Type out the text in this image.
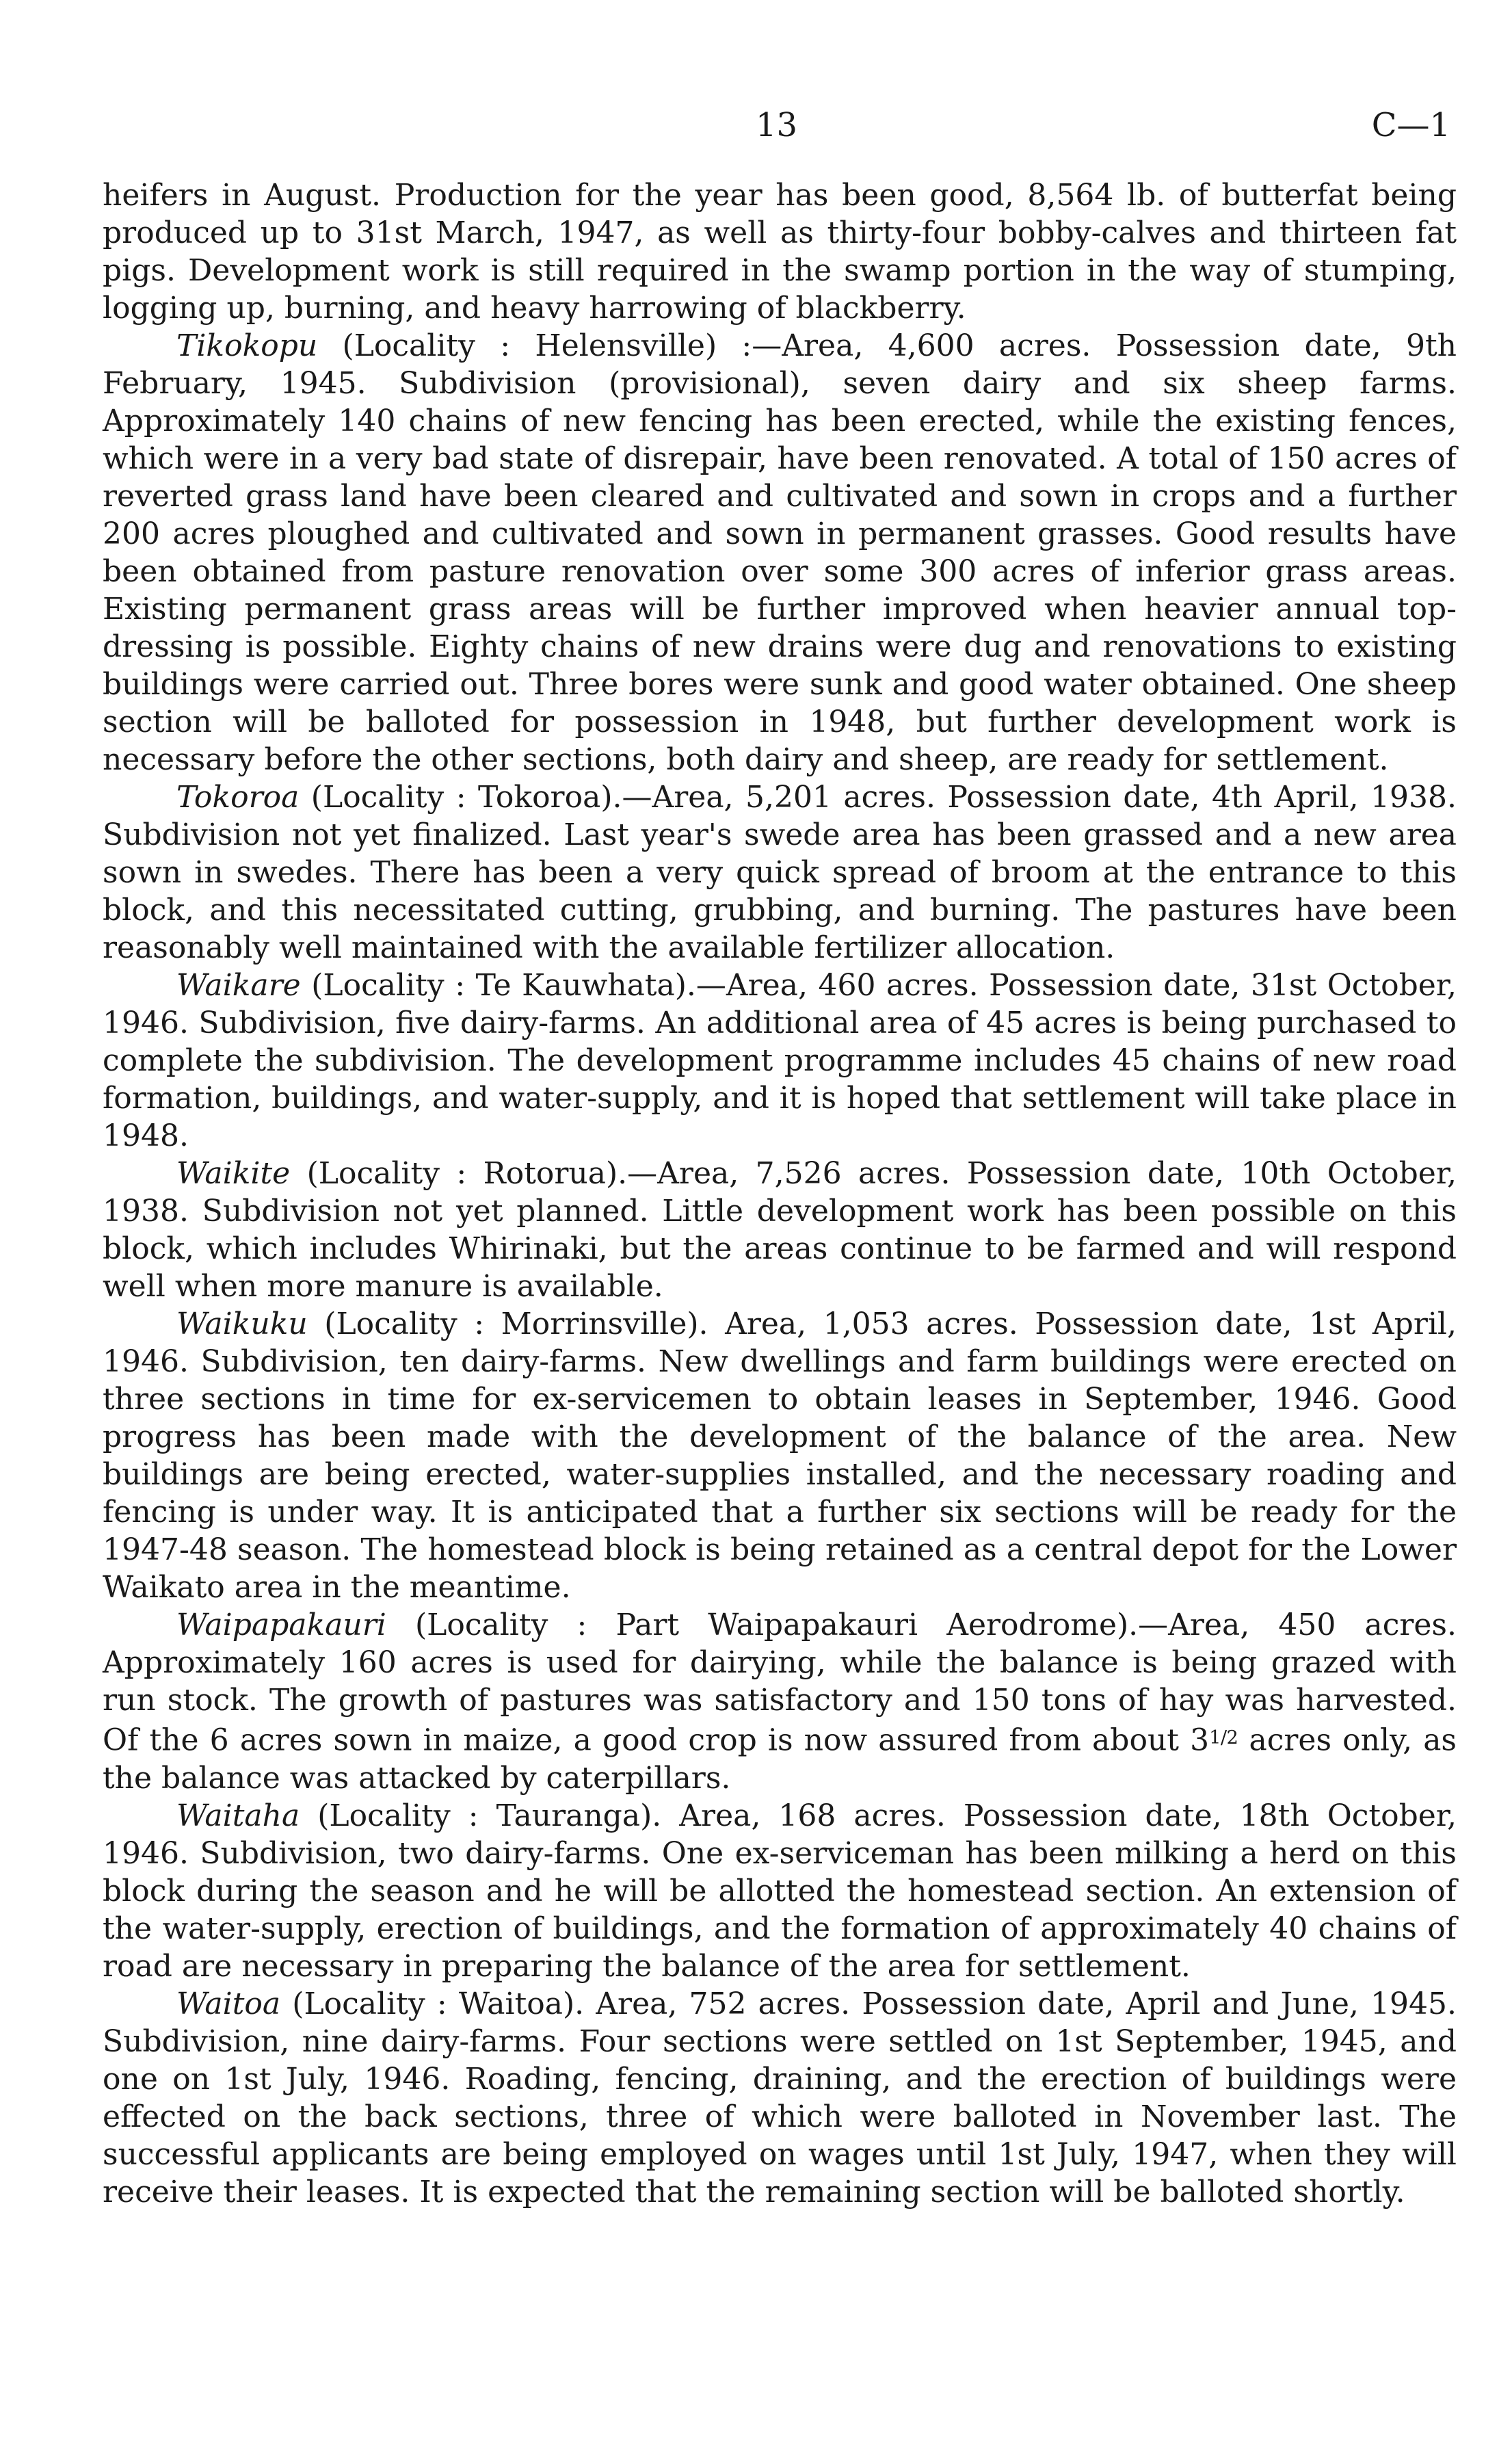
13	C—1

heifers in August. Production for the year has been good, 8,564 lb. of butterfat being produced up to 31st March, 1947, as well as thirty-four bobby-calves and thirteen fat pigs. Development work is still required in the swamp portion in the way of stumping, logging up, burning, and heavy harrowing of blackberry.

Tikokopu (Locality : Helensville) :—Area, 4,600 acres. Possession date, 9th February, 1945. Subdivision (provisional), seven dairy and six sheep farms. Approximately 140 chains of new fencing has been erected, while the existing fences, which were in a very bad state of disrepair, have been renovated. A total of 150 acres of reverted grass land have been cleared and cultivated and sown in crops and a further 200 acres ploughed and cultivated and sown in permanent grasses. Good results have been obtained from pasture renovation over some 300 acres of inferior grass areas. Existing permanent grass areas will be further improved when heavier annual top-dressing is possible. Eighty chains of new drains were dug and renovations to existing buildings were carried out. Three bores were sunk and good water obtained. One sheep section will be balloted for possession in 1948, but further development work is necessary before the other sections, both dairy and sheep, are ready for settlement.

Tokoroa (Locality : Tokoroa).—Area, 5,201 acres. Possession date, 4th April, 1938. Subdivision not yet finalized. Last year's swede area has been grassed and a new area sown in swedes. There has been a very quick spread of broom at the entrance to this block, and this necessitated cutting, grubbing, and burning. The pastures have been reasonably well maintained with the available fertilizer allocation.

Waikare (Locality : Te Kauwhata).—Area, 460 acres. Possession date, 31st October, 1946. Subdivision, five dairy-farms. An additional area of 45 acres is being purchased to complete the subdivision. The development programme includes 45 chains of new road formation, buildings, and water-supply, and it is hoped that settlement will take place in 1948.

Waikite (Locality : Rotorua).—Area, 7,526 acres. Possession date, 10th October, 1938. Subdivision not yet planned. Little development work has been possible on this block, which includes Whirinaki, but the areas continue to be farmed and will respond well when more manure is available.

Waikuku (Locality : Morrinsville). Area, 1,053 acres. Possession date, 1st April, 1946. Subdivision, ten dairy-farms. New dwellings and farm buildings were erected on three sections in time for ex-servicemen to obtain leases in September, 1946. Good progress has been made with the development of the balance of the area. New buildings are being erected, water-supplies installed, and the necessary roading and fencing is under way. It is anticipated that a further six sections will be ready for the 1947-48 season. The homestead block is being retained as a central depot for the Lower Waikato area in the meantime.

Waipapakauri (Locality : Part Waipapakauri Aerodrome).—Area, 450 acres. Approximately 160 acres is used for dairying, while the balance is being grazed with run stock. The growth of pastures was satisfactory and 150 tons of hay was harvested. Of the 6 acres sown in maize, a good crop is now assured from about $3^{1/2}$ acres only, as the balance was attacked by caterpillars.

Waitaha (Locality : Tauranga). Area, 168 acres. Possession date, 18th October, 1946. Subdivision, two dairy-farms. One ex-serviceman has been milking a herd on this block during the season and he will be allotted the homestead section. An extension of the water-supply, erection of buildings, and the formation of approximately 40 chains of road are necessary in preparing the balance of the area for settlement.

Waitoa (Locality : Waitoa). Area, 752 acres. Possession date, April and June, 1945. Subdivision, nine dairy-farms. Four sections were settled on 1st September, 1945, and one on 1st July, 1946. Roading, fencing, draining, and the erection of buildings were effected on the back sections, three of which were balloted in November last. The successful applicants are being employed on wages until 1st July, 1947, when they will receive their leases. It is expected that the remaining section will be balloted shortly.
